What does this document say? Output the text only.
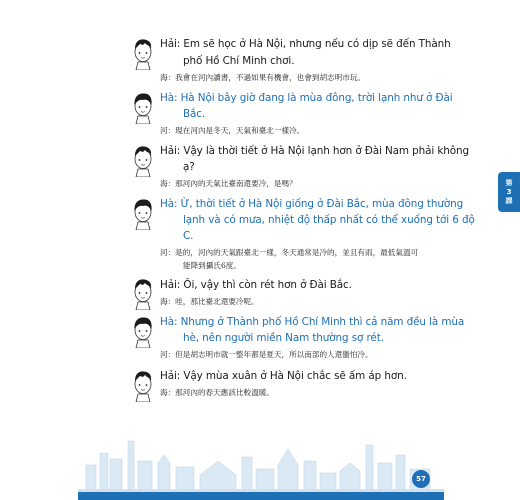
Hải: Em sẽ học ở Hà Nội, nhưng nếu có dịp sẽ đến Thành
phố Hồ Chí Minh chơi.
海：我會在河內讀書，不過如果有機會，也會到胡志明市玩。
Hà: Hà Nội bây giờ đang là mùa đông, trời lạnh như ở Đài
Bắc.
河：現在河內是冬天，天氣和臺北一樣冷。
Hải: Vậy là thời tiết ở Hà Nội lạnh hơn ở Đài Nam phải không
ạ?
海：那河內的天氣比臺南還要冷，是嗎？
Hà: Ừ, thời tiết ở Hà Nội giống ở Đài Bắc, mùa đông thường
lạnh và có mưa, nhiệt độ thấp nhất có thể xuống tới 6 độ
C.
河：是的，河內的天氣跟臺北一樣，冬天通常是冷的，並且有雨，最低氣溫可
能降到攝氏6度。
Hải: Ôi, vậy thì còn rét hơn ở Đài Bắc.
海：哇，那比臺北還要冷呢。
Hà: Nhưng ở Thành phố Hồ Chí Minh thì cả năm đều là mùa
hè, nên người miền Nam thường sợ rét.
河：但是胡志明市就一整年都是夏天，所以南部的人還蠻怕冷。
Hải: Vậy mùa xuân ở Hà Nội chắc sẽ ấm áp hơn.
海：那河內的春天應該比較溫暖。
第
3
課
57
